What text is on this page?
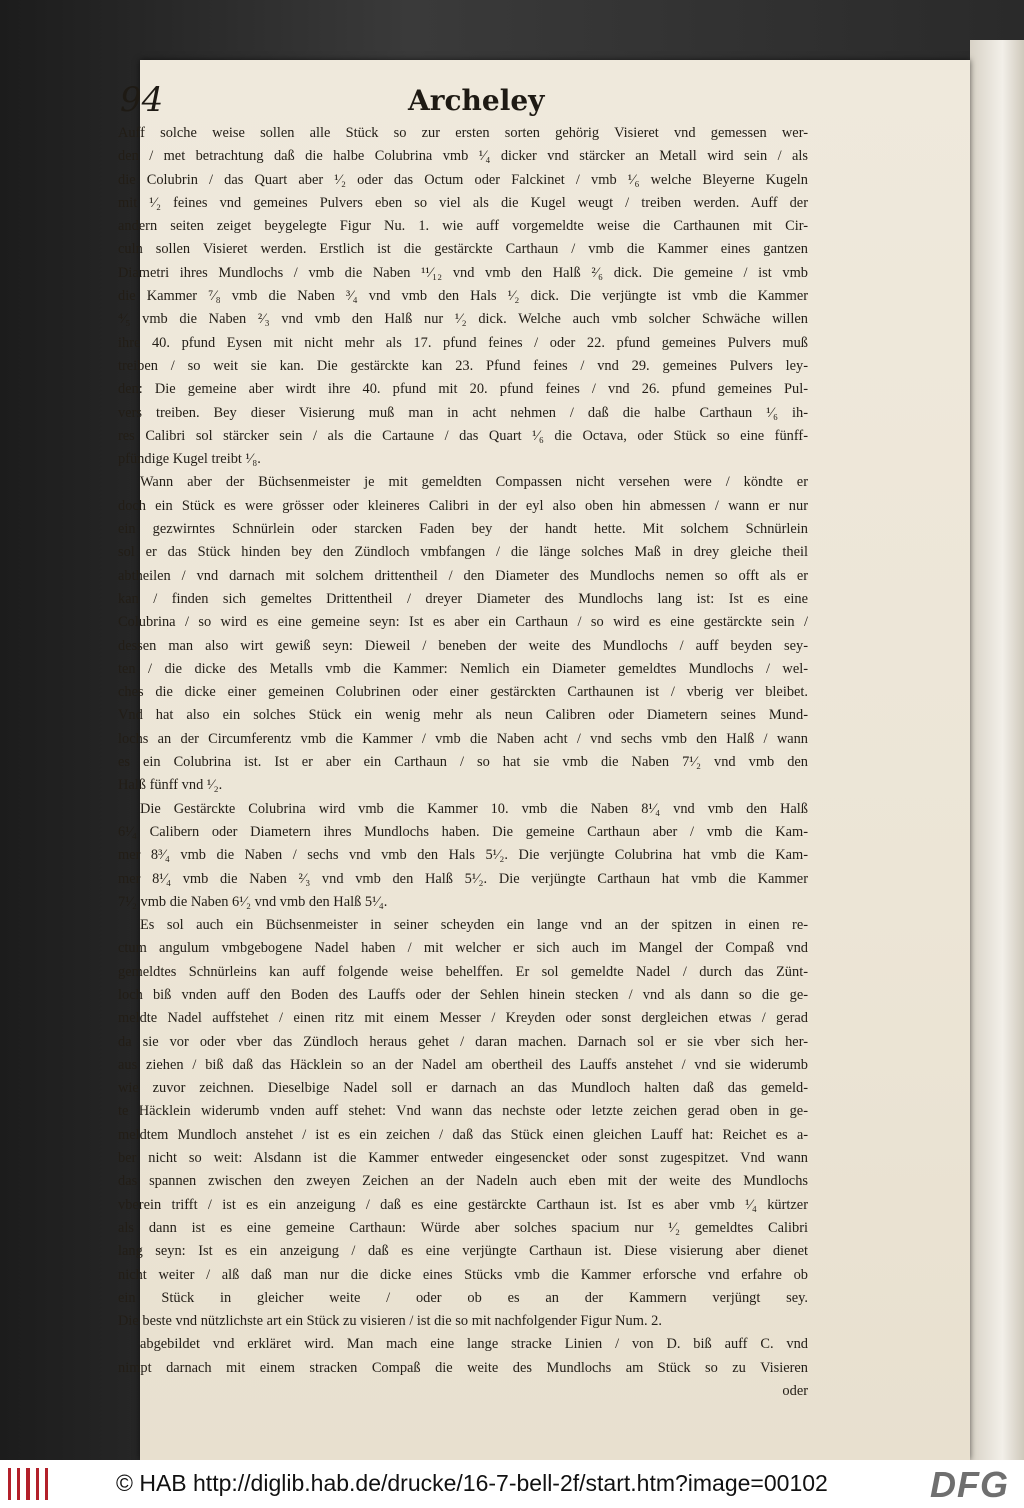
94	Archeley
Auff solche weise sollen alle Stück so zur ersten sorten gehörig Visieret vnd gemessen wer-
den / met betrachtung daß die halbe Colubrina vmb ¹⁄₄ dicker vnd stärcker an Metall wird sein / als
die Colubrin / das Quart aber ¹⁄₂ oder das Octum oder Falckinet / vmb ¹⁄₆ welche Bleyerne Kugeln
mit ¹⁄₂ feines vnd gemeines Pulvers eben so viel als die Kugel weugt / treiben werden. Auff der
andern seiten zeiget beygelegte Figur Nu. 1. wie auff vorgemeldte weise die Carthaunen mit Cir-
culn sollen Visieret werden. Erstlich ist die gestärckte Carthaun / vmb die Kammer eines gantzen
Diametri ihres Mundlochs / vmb die Naben ¹¹⁄₁₂ vnd vmb den Halß ²⁄₆ dick. Die gemeine / ist vmb
die Kammer ⁷⁄₈ vmb die Naben ³⁄₄ vnd vmb den Hals ¹⁄₂ dick. Die verjüngte ist vmb die Kammer
⁴⁄₅ vmb die Naben ²⁄₃ vnd vmb den Halß nur ¹⁄₂ dick. Welche auch vmb solcher Schwäche willen
ihre 40. pfund Eysen mit nicht mehr als 17. pfund feines / oder 22. pfund gemeines Pulvers muß
treiben / so weit sie kan. Die gestärckte kan 23. Pfund feines / vnd 29. gemeines Pulvers ley-
den: Die gemeine aber wirdt ihre 40. pfund mit 20. pfund feines / vnd 26. pfund gemeines Pul-
vers treiben. Bey dieser Visierung muß man in acht nehmen / daß die halbe Carthaun ¹⁄₆ ih-
res Calibri sol stärcker sein / als die Cartaune / das Quart ¹⁄₆ die Octava, oder Stück so eine fünff-
pfündige Kugel treibt ¹⁄₈.
Wann aber der Büchsenmeister je mit gemeldten Compassen nicht versehen were / köndte er
doch ein Stück es were grösser oder kleineres Calibri in der eyl also oben hin abmessen / wann er nur
ein gezwirntes Schnürlein oder starcken Faden bey der handt hette. Mit solchem Schnürlein
sol er das Stück hinden bey den Zündloch vmbfangen / die länge solches Maß in drey gleiche theil
abtheilen / vnd darnach mit solchem drittentheil / den Diameter des Mundlochs nemen so offt als er
kan / finden sich gemeltes Drittentheil / dreyer Diameter des Mundlochs lang ist: Ist es eine
Colubrina / so wird es eine gemeine seyn: Ist es aber ein Carthaun / so wird es eine gestärckte sein /
dessen man also wirt gewiß seyn: Dieweil / beneben der weite des Mundlochs / auff beyden sey-
ten / die dicke des Metalls vmb die Kammer: Nemlich ein Diameter gemeldtes Mundlochs / wel-
ches die dicke einer gemeinen Colubrinen oder einer gestärckten Carthaunen ist / vberig ver bleibet.
Vnd hat also ein solches Stück ein wenig mehr als neun Calibren oder Diametern seines Mund-
lochs an der Circumferentz vmb die Kammer / vmb die Naben acht / vnd sechs vmb den Halß / wann
es ein Colubrina ist. Ist er aber ein Carthaun / so hat sie vmb die Naben 7¹⁄₂ vnd vmb den
Halß fünff vnd ¹⁄₂.
Die Gestärckte Colubrina wird vmb die Kammer 10. vmb die Naben 8¹⁄₄ vnd vmb den Halß
6¹⁄₄ Calibern oder Diametern ihres Mundlochs haben. Die gemeine Carthaun aber / vmb die Kam-
mer 8³⁄₄ vmb die Naben / sechs vnd vmb den Hals 5¹⁄₂. Die verjüngte Colubrina hat vmb die Kam-
mer 8¹⁄₄ vmb die Naben ²⁄₃ vnd vmb den Halß 5¹⁄₂. Die verjüngte Carthaun hat vmb die Kammer
7¹⁄₂ vmb die Naben 6¹⁄₂ vnd vmb den Halß 5¹⁄₄.
Es sol auch ein Büchsenmeister in seiner scheyden ein lange vnd an der spitzen in einen re-
ctum angulum vmbgebogene Nadel haben / mit welcher er sich auch im Mangel der Compaß vnd
gemeldtes Schnürleins kan auff folgende weise behelffen. Er sol gemeldte Nadel / durch das Zünt-
loch biß vnden auff den Boden des Lauffs oder der Sehlen hinein stecken / vnd als dann so die ge-
meldte Nadel auffstehet / einen ritz mit einem Messer / Kreyden oder sonst dergleichen etwas / gerad
da sie vor oder vber das Zündloch heraus gehet / daran machen. Darnach sol er sie vber sich her-
aus ziehen / biß daß das Häcklein so an der Nadel am obertheil des Lauffs anstehet / vnd sie widerumb
wie zuvor zeichnen. Dieselbige Nadel soll er darnach an das Mundloch halten daß das gemeld-
te Häcklein widerumb vnden auff stehet: Vnd wann das nechste oder letzte zeichen gerad oben in ge-
meldtem Mundloch anstehet / ist es ein zeichen / daß das Stück einen gleichen Lauff hat: Reichet es a-
ber nicht so weit: Alsdann ist die Kammer entweder eingesencket oder sonst zugespitzet. Vnd wann
das spannen zwischen den zweyen Zeichen an der Nadeln auch eben mit der weite des Mundlochs
vberein trifft / ist es ein anzeigung / daß es eine gestärckte Carthaun ist. Ist es aber vmb ¹⁄₄ kürtzer
als dann ist es eine gemeine Carthaun: Würde aber solches spacium nur ¹⁄₂ gemeldtes Calibri
lang seyn: Ist es ein anzeigung / daß es eine verjüngte Carthaun ist. Diese visierung aber dienet
nicht weiter / alß daß man nur die dicke eines Stücks vmb die Kammer erforsche vnd erfahre ob
ein Stück in gleicher weite / oder ob es an der Kammern verjüngt sey.
Die beste vnd nützlichste art ein Stück zu visieren / ist die so mit nachfolgender Figur Num. 2.
abgebildet vnd erkläret wird. Man mach eine lange stracke Linien / von D. biß auff C. vnd
nimpt darnach mit einem stracken Compaß die weite des Mundlochs am Stück so zu Visieren
oder
© HAB http://diglib.hab.de/drucke/16-7-bell-2f/start.htm?image=00102	DFG
